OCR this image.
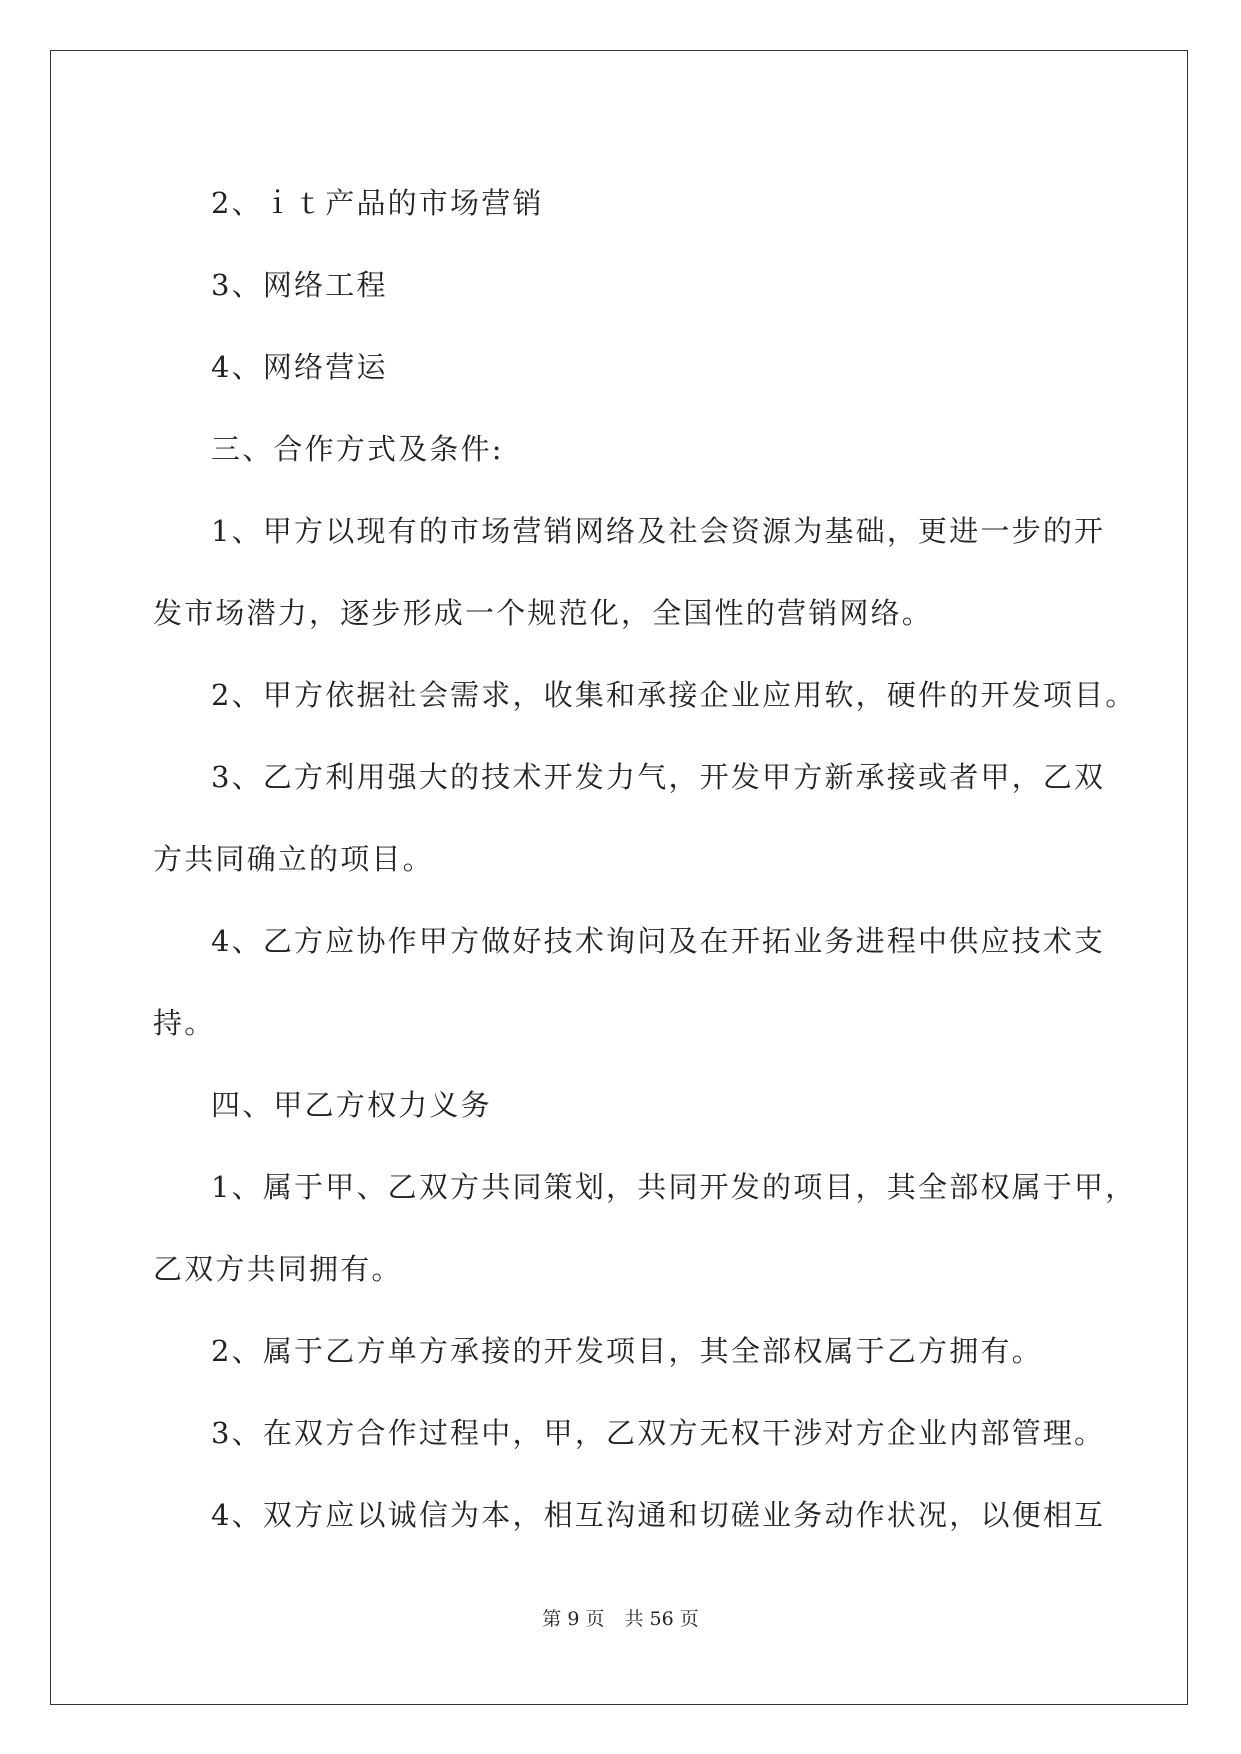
2、ｉｔ产品的市场营销
3、网络工程
4、网络营运
三、合作方式及条件:
1、甲方以现有的市场营销网络及社会资源为基础，更进一步的开
发市场潜力，逐步形成一个规范化，全国性的营销网络。
2、甲方依据社会需求，收集和承接企业应用软，硬件的开发项目。
3、乙方利用强大的技术开发力气，开发甲方新承接或者甲，乙双
方共同确立的项目。
4、乙方应协作甲方做好技术询问及在开拓业务进程中供应技术支
持。
四、甲乙方权力义务
1、属于甲、乙双方共同策划，共同开发的项目，其全部权属于甲，
乙双方共同拥有。
2、属于乙方单方承接的开发项目，其全部权属于乙方拥有。
3、在双方合作过程中，甲，乙双方无权干涉对方企业内部管理。
4、双方应以诚信为本，相互沟通和切磋业务动作状况，以便相互
第 9 页 共 56 页
